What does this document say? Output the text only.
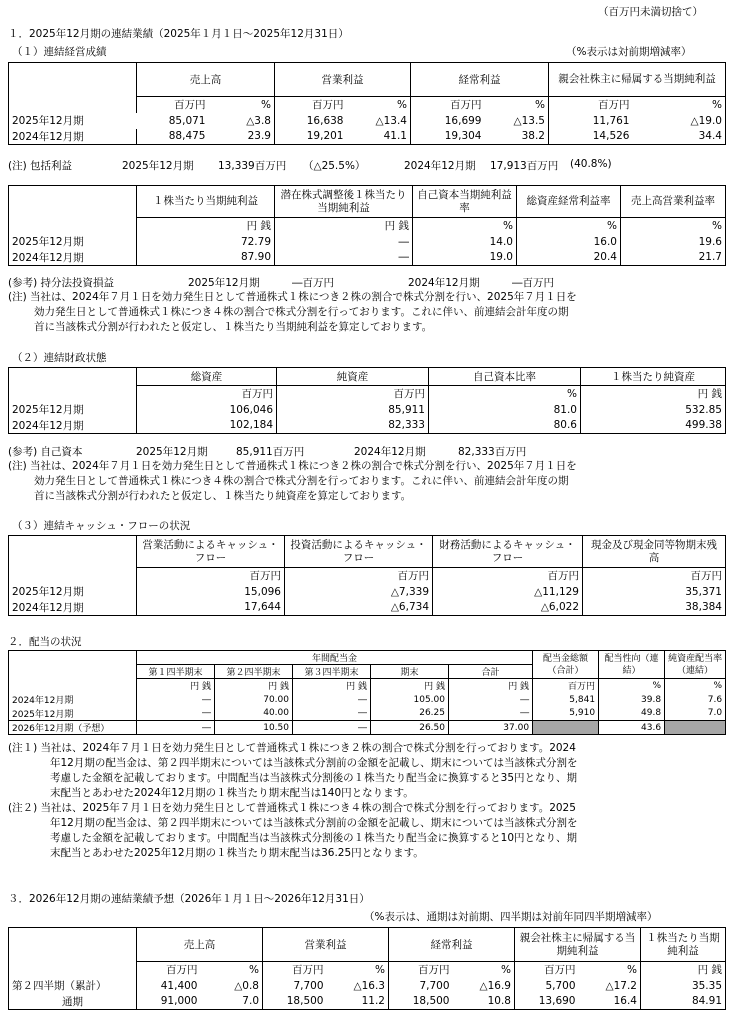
（百万円未満切捨て）
１．2025年12月期の連結業績（2025年１月１日～2025年12月31日）
（１）連結経営成績	（%表示は対前期増減率）
	売上高		営業利益		経常利益		親会社株主に帰属する当期純利益	
	百万円	%	百万円	%	百万円	%	百万円	%
2025年12月期	85,071	△3.8	16,638	△13.4	16,699	△13.5	11,761	△19.0
2024年12月期	88,475	23.9	19,201	41.1	19,304	38.2	14,526	34.4
(注) 包括利益	2025年12月期 13,339百万円 （△25.5%）	2024年12月期 17,913百万円 (40.8%)
	１株当たり当期純利益	潜在株式調整後１株当たり当期純利益	自己資本当期純利益率	総資産経常利益率	売上高営業利益率
	円 銭	円 銭	%	%	%
2025年12月期	72.79	―	14.0	16.0	19.6
2024年12月期	87.90	―	19.0	20.4	21.7
(参考) 持分法投資損益	2025年12月期	―百万円	2024年12月期	―百万円
(注) 当社は、2024年７月１日を効力発生日として普通株式１株につき２株の割合で株式分割を行い、2025年７月１日を
効力発生日として普通株式１株につき４株の割合で株式分割を行っております。これに伴い、前連結会計年度の期
首に当該株式分割が行われたと仮定し、１株当たり当期純利益を算定しております。
（２）連結財政状態
	総資産	純資産	自己資本比率	１株当たり純資産
	百万円	百万円	%	円 銭
2025年12月期	106,046	85,911	81.0	532.85
2024年12月期	102,184	82,333	80.6	499.38
(参考) 自己資本	2025年12月期	85,911百万円	2024年12月期	82,333百万円
(注) 当社は、2024年７月１日を効力発生日として普通株式１株につき２株の割合で株式分割を行い、2025年７月１日を
効力発生日として普通株式１株につき４株の割合で株式分割を行っております。これに伴い、前連結会計年度の期
首に当該株式分割が行われたと仮定し、１株当たり純資産を算定しております。
（３）連結キャッシュ・フローの状況
	営業活動によるキャッシュ・フロー	投資活動によるキャッシュ・フロー	財務活動によるキャッシュ・フロー	現金及び現金同等物期末残高
	百万円	百万円	百万円	百万円
2025年12月期	15,096	△7,339	△11,129	35,371
2024年12月期	17,644	△6,734	△6,022	38,384
２．配当の状況
	年間配当金					配当金総額（合計）	配当性向（連結）	純資産配当率（連結）
	第１四半期末	第２四半期末	第３四半期末	期末	合計			
	円 銭	円 銭	円 銭	円 銭	円 銭	百万円	%	%
2024年12月期	―	70.00	―	105.00	―	5,841	39.8	7.6
2025年12月期	―	40.00	―	26.25	―	5,910	49.8	7.0
2026年12月期（予想）	―	10.50	―	26.50	37.00		43.6	
(注１) 当社は、2024年７月１日を効力発生日として普通株式１株につき２株の割合で株式分割を行っております。2024
年12月期の配当金は、第２四半期末については当該株式分割前の金額を記載し、期末については当該株式分割を
考慮した金額を記載しております。中間配当は当該株式分割後の１株当たり配当金に換算すると35円となり、期
末配当とあわせた2024年12月期の１株当たり期末配当は140円となります。
(注２) 当社は、2025年７月１日を効力発生日として普通株式１株につき４株の割合で株式分割を行っております。2025
年12月期の配当金は、第２四半期末については当該株式分割前の金額を記載し、期末については当該株式分割を
考慮した金額を記載しております。中間配当は当該株式分割後の１株当たり配当金に換算すると10円となり、期
末配当とあわせた2025年12月期の１株当たり期末配当は36.25円となります。
３．2026年12月期の連結業績予想（2026年１月１日～2026年12月31日）
（%表示は、通期は対前期、四半期は対前年同四半期増減率）
	売上高		営業利益		経常利益		親会社株主に帰属する当期純利益		１株当たり当期純利益
	百万円	%	百万円	%	百万円	%	百万円	%	円 銭
第２四半期（累計）	41,400	△0.8	7,700	△16.3	7,700	△16.9	5,700	△17.2	35.35
通期	91,000	7.0	18,500	11.2	18,500	10.8	13,690	16.4	84.91
